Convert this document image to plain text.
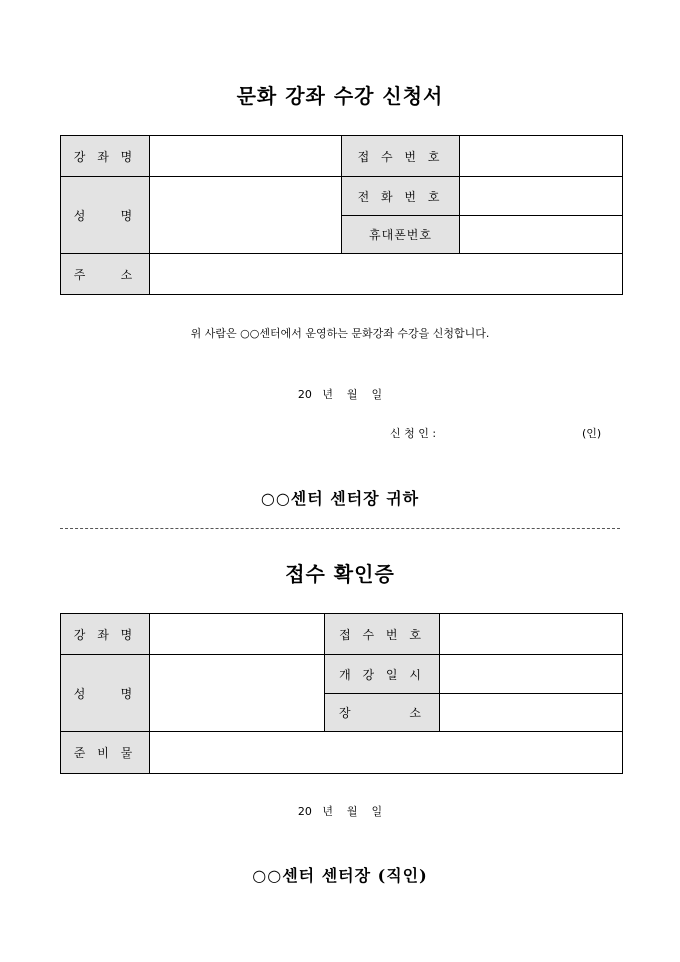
문화 강좌 수강 신청서
강 좌 명		접 수 번 호	
성    명		전 화 번 호	
		휴대폰번호	
주    소			
위 사람은 ○○센터에서 운영하는 문화강좌 수강을 신청합니다.
20   년    월    일
신 청 인 :	(인)
○○센터 센터장 귀하
접수 확인증
강 좌 명		접 수 번 호	
성    명		개 강 일 시	
		장       소	
준 비 물			
20   년    월    일
○○센터 센터장 (직인)
